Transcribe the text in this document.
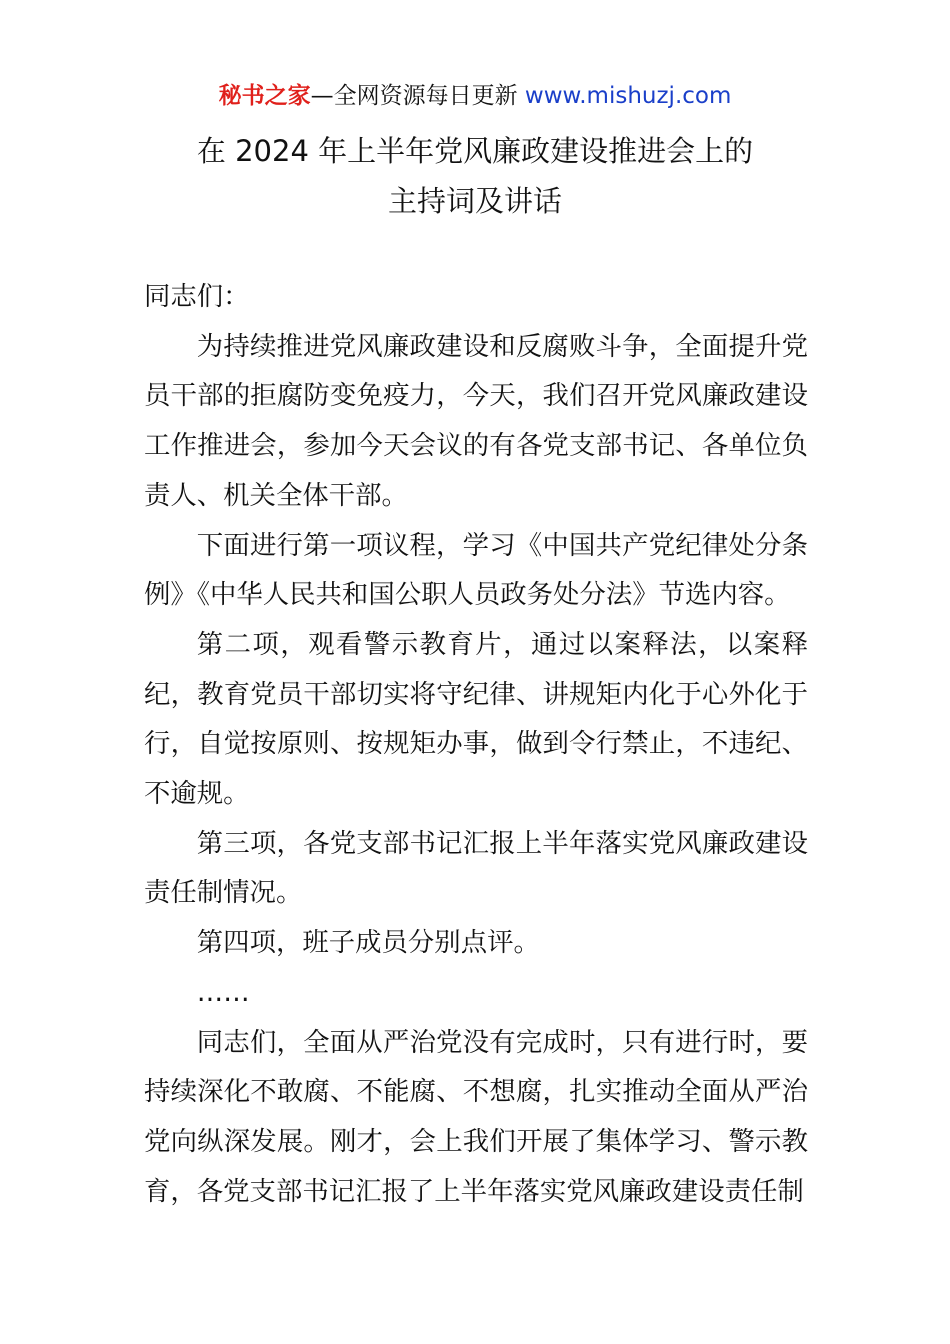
秘书之家—全网资源每日更新 www.mishuzj.com
在 2024 年上半年党风廉政建设推进会上的
主持词及讲话

同志们：

为持续推进党风廉政建设和反腐败斗争，全面提升党员干部的拒腐防变免疫力，今天，我们召开党风廉政建设工作推进会，参加今天会议的有各党支部书记、各单位负责人、机关全体干部。

下面进行第一项议程，学习《中国共产党纪律处分条例》《中华人民共和国公职人员政务处分法》节选内容。

第二项，观看警示教育片，通过以案释法，以案释纪，教育党员干部切实将守纪律、讲规矩内化于心外化于行，自觉按原则、按规矩办事，做到令行禁止，不违纪、不逾规。

第三项，各党支部书记汇报上半年落实党风廉政建设责任制情况。

第四项，班子成员分别点评。

……

同志们，全面从严治党没有完成时，只有进行时，要持续深化不敢腐、不能腐、不想腐，扎实推动全面从严治党向纵深发展。刚才，会上我们开展了集体学习、警示教育，各党支部书记汇报了上半年落实党风廉政建设责任制
